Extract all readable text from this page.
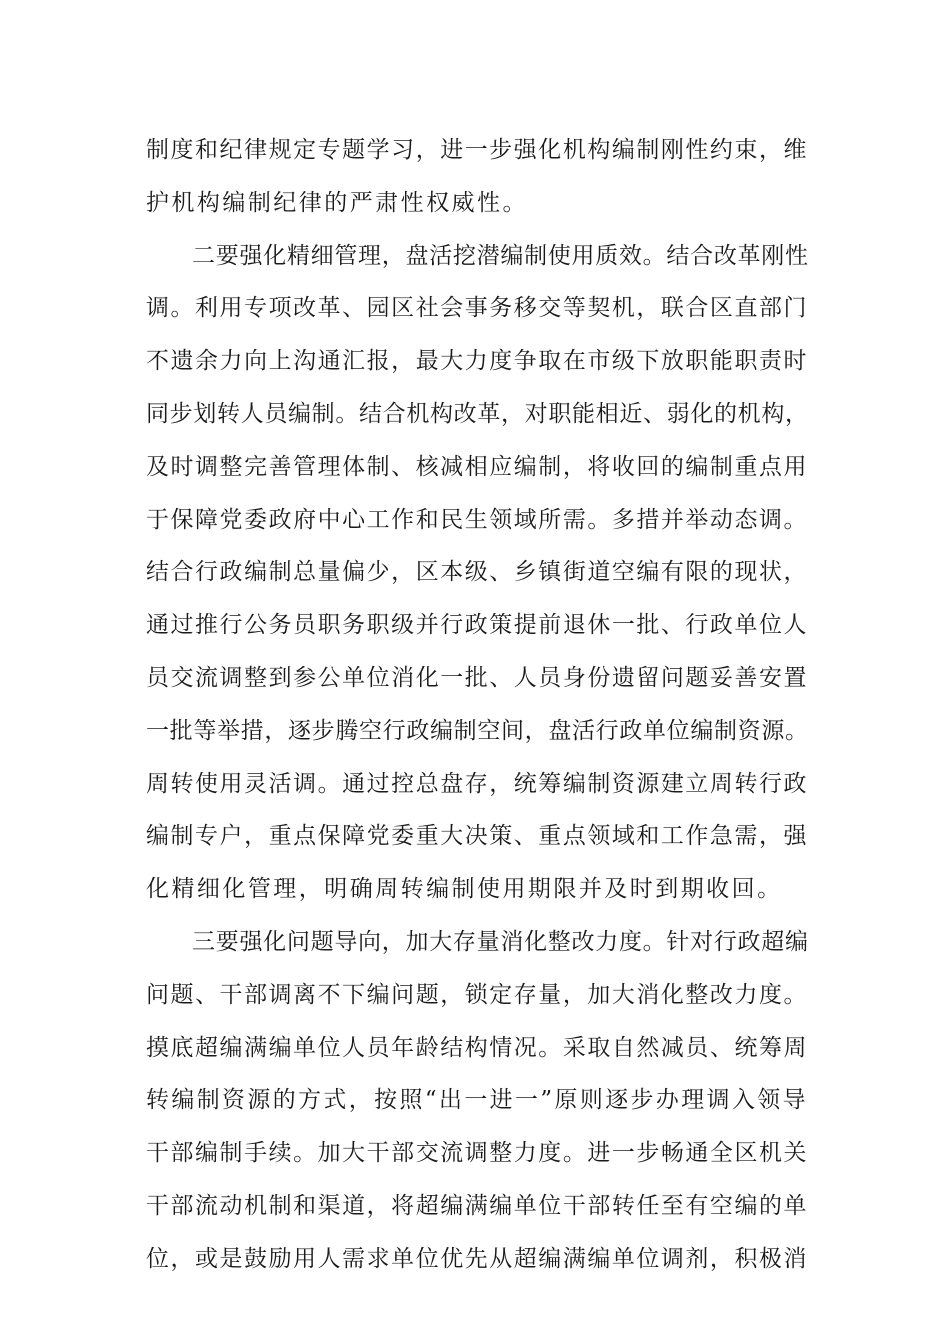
制度和纪律规定专题学习，进一步强化机构编制刚性约束，维
护机构编制纪律的严肃性权威性。
二要强化精细管理，盘活挖潜编制使用质效。结合改革刚性
调。利用专项改革、园区社会事务移交等契机，联合区直部门
不遗余力向上沟通汇报，最大力度争取在市级下放职能职责时
同步划转人员编制。结合机构改革，对职能相近、弱化的机构，
及时调整完善管理体制、核减相应编制，将收回的编制重点用
于保障党委政府中心工作和民生领域所需。多措并举动态调。
结合行政编制总量偏少，区本级、乡镇街道空编有限的现状，
通过推行公务员职务职级并行政策提前退休一批、行政单位人
员交流调整到参公单位消化一批、人员身份遗留问题妥善安置
一批等举措，逐步腾空行政编制空间，盘活行政单位编制资源。
周转使用灵活调。通过控总盘存，统筹编制资源建立周转行政
编制专户，重点保障党委重大决策、重点领域和工作急需，强
化精细化管理，明确周转编制使用期限并及时到期收回。
三要强化问题导向，加大存量消化整改力度。针对行政超编
问题、干部调离不下编问题，锁定存量，加大消化整改力度。
摸底超编满编单位人员年龄结构情况。采取自然减员、统筹周
转编制资源的方式，按照“出一进一”原则逐步办理调入领导
干部编制手续。加大干部交流调整力度。进一步畅通全区机关
干部流动机制和渠道，将超编满编单位干部转任至有空编的单
位，或是鼓励用人需求单位优先从超编满编单位调剂，积极消
